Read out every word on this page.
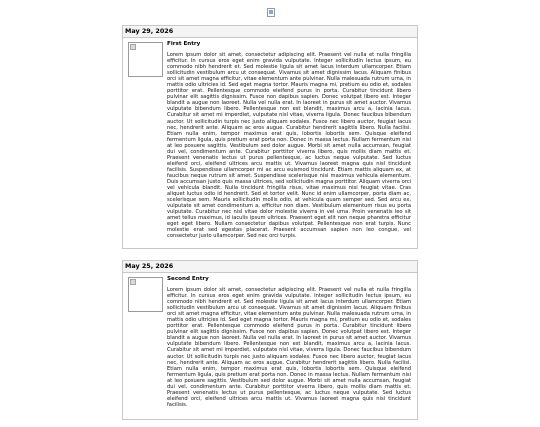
May 29, 2026
First Entry
Lorem ipsum dolor sit amet, consectetur adipiscing elit. Praesent vel nulla et nulla fringilla efficitur. In cursus eros eget enim gravida vulputate. Integer sollicitudin lectus ipsum, eu commodo nibh hendrerit et. Sed molestie ligula sit amet lacus interdum ullamcorper. Etiam sollicitudin vestibulum arcu ut consequat. Vivamus sit amet dignissim lacus. Aliquam finibus orci sit amet magna efficitur, vitae elementum ante pulvinar. Nulla malesuada rutrum urna, in mattis odio ultricies id. Sed eget magna tortor. Mauris magna mi, pretium eu odio et, sodales porttitor erat. Pellentesque commodo eleifend purus in porta. Curabitur tincidunt libero pulvinar elit sagittis dignissim. Fusce non dapibus sapien. Donec volutpat libero est. Integer blandit a augue non laoreet. Nulla vel nulla erat. In laoreet in purus sit amet auctor. Vivamus vulputate bibendum libero. Pellentesque non est blandit, maximus arcu a, lacinia lacus. Curabitur sit amet mi imperdiet, vulputate nisl vitae, viverra ligula. Donec faucibus bibendum auctor. Ut sollicitudin turpis nec justo aliquam sodales. Fusce nec libero auctor, feugiat lacus nec, hendrerit ante. Aliquam ac eros augue. Curabitur hendrerit sagittis libero. Nulla facilisi. Etiam nulla enim, tempor maximus erat quis, lobortis lobortis sem. Quisque eleifend fermentum ligula, quis pretium erat porta non. Donec in massa lectus. Nullam fermentum nisi at leo posuere sagittis. Vestibulum sed dolor augue. Morbi sit amet nulla accumsan, feugiat dui vel, condimentum ante. Curabitur porttitor viverra libero, quis mollis diam mattis et. Praesent venenatis lectus ut purus pellentesque, ac luctus neque vulputate. Sed luctus eleifend orci, eleifend ultrices arcu mattis ut. Vivamus laoreet magna quis nisl tincidunt facilisis. Suspendisse ullamcorper mi ac arcu euismod tincidunt. Etiam mattis aliquam ex, at faucibus neque rutrum sit amet. Suspendisse scelerisque nisi maximus vehicula elementum. Duis accumsan justo quis massa ultrices, sed sollicitudin magna porttitor. Aliquam viverra orci vel vehicula blandit. Nulla tincidunt fringilla risus, vitae maximus nisi feugiat vitae. Cras aliquet luctus odio id hendrerit. Sed et tortor velit. Nunc id enim ullamcorper, porta diam ac, scelerisque sem. Mauris sollicitudin mollis odio, at vehicula quam semper sed. Sed arcu ex, vulputate sit amet condimentum a, efficitur non diam. Vestibulum elementum risus eu porta vulputate. Curabitur nec nisl vitae dolor molestie viverra in vel urna. Proin venenatis leo sit amet tellus maximus, id iaculis ipsum ultrices. Praesent eget elit non neque pharetra efficitur eget eget libero. Nullam consectetur dapibus volutpat. Pellentesque non erat turpis. Nunc molestie erat sed egestas placerat. Praesent accumsan sapien non leo congue, vel consectetur justo ullamcorper. Sed nec orci turpis.
May 25, 2026
Second Entry
Lorem ipsum dolor sit amet, consectetur adipiscing elit. Praesent vel nulla et nulla fringilla efficitur. In cursus eros eget enim gravida vulputate. Integer sollicitudin lectus ipsum, eu commodo nibh hendrerit et. Sed molestie ligula sit amet lacus interdum ullamcorper. Etiam sollicitudin vestibulum arcu ut consequat. Vivamus sit amet dignissim lacus. Aliquam finibus orci sit amet magna efficitur, vitae elementum ante pulvinar. Nulla malesuada rutrum urna, in mattis odio ultricies id. Sed eget magna tortor. Mauris magna mi, pretium eu odio et, sodales porttitor erat. Pellentesque commodo eleifend purus in porta. Curabitur tincidunt libero pulvinar elit sagittis dignissim. Fusce non dapibus sapien. Donec volutpat libero est. Integer blandit a augue non laoreet. Nulla vel nulla erat. In laoreet in purus sit amet auctor. Vivamus vulputate bibendum libero. Pellentesque non est blandit, maximus arcu a, lacinia lacus. Curabitur sit amet mi imperdiet, vulputate nisl vitae, viverra ligula. Donec faucibus bibendum auctor. Ut sollicitudin turpis nec justo aliquam sodales. Fusce nec libero auctor, feugiat lacus nec, hendrerit ante. Aliquam ac eros augue. Curabitur hendrerit sagittis libero. Nulla facilisi. Etiam nulla enim, tempor maximus erat quis, lobortis lobortis sem. Quisque eleifend fermentum ligula, quis pretium erat porta non. Donec in massa lectus. Nullam fermentum nisi at leo posuere sagittis. Vestibulum sed dolor augue. Morbi sit amet nulla accumsan, feugiat dui vel, condimentum ante. Curabitur porttitor viverra libero, quis mollis diam mattis et. Praesent venenatis lectus ut purus pellentesque, ac luctus neque vulputate. Sed luctus eleifend orci, eleifend ultrices arcu mattis ut. Vivamus laoreet magna quis nisl tincidunt facilisis.
